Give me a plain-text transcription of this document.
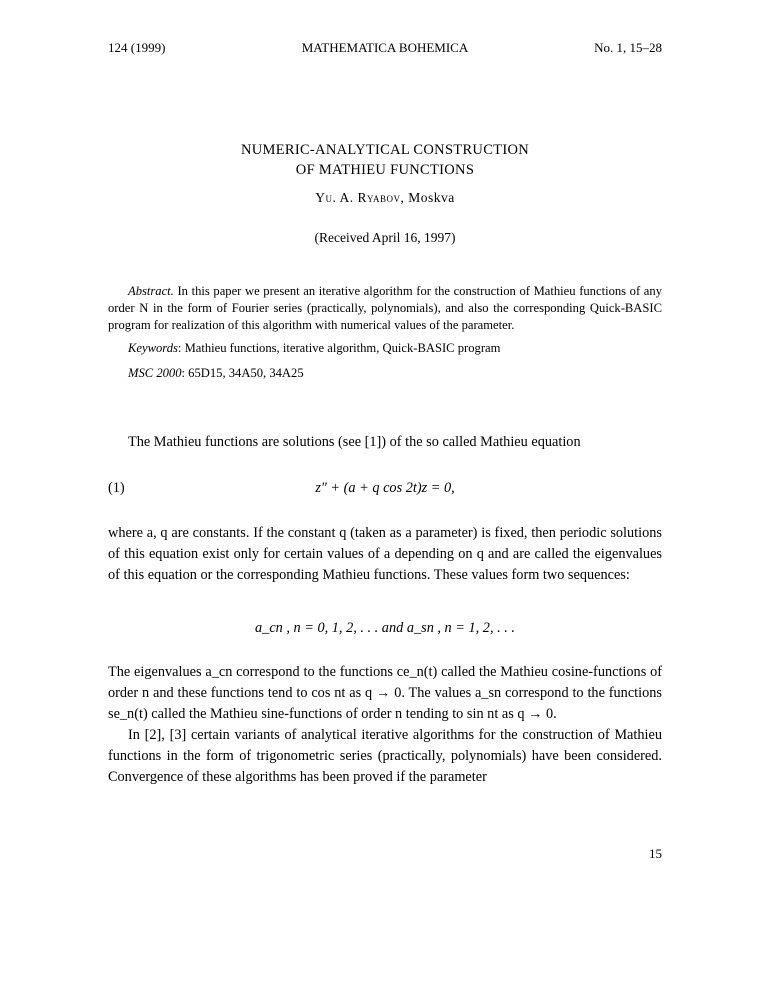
124 (1999)	MATHEMATICA BOHEMICA	No. 1, 15–28
NUMERIC-ANALYTICAL CONSTRUCTION
OF MATHIEU FUNCTIONS
Yu. A. Ryabov, Moskva
(Received April 16, 1997)

Abstract. In this paper we present an iterative algorithm for the construction of Mathieu functions of any order N in the form of Fourier series (practically, polynomials), and also the corresponding Quick-BASIC program for realization of this algorithm with numerical values of the parameter.

Keywords: Mathieu functions, iterative algorithm, Quick-BASIC program

MSC 2000: 65D15, 34A50, 34A25

The Mathieu functions are solutions (see [1]) of the so called Mathieu equation

(1)	z″ + (a + q cos 2t)z = 0,

where a, q are constants. If the constant q (taken as a parameter) is fixed, then periodic solutions of this equation exist only for certain values of a depending on q and are called the eigenvalues of this equation or the corresponding Mathieu functions. These values form two sequences:

a_cn , n = 0, 1, 2, . . . and a_sn , n = 1, 2, . . .

The eigenvalues a_cn correspond to the functions ce_n(t) called the Mathieu cosine-functions of order n and these functions tend to cos nt as q → 0. The values a_sn correspond to the functions se_n(t) called the Mathieu sine-functions of order n tending to sin nt as q → 0.

In [2], [3] certain variants of analytical iterative algorithms for the construction of Mathieu functions in the form of trigonometric series (practically, polynomials) have been considered. Convergence of these algorithms has been proved if the parameter

15
